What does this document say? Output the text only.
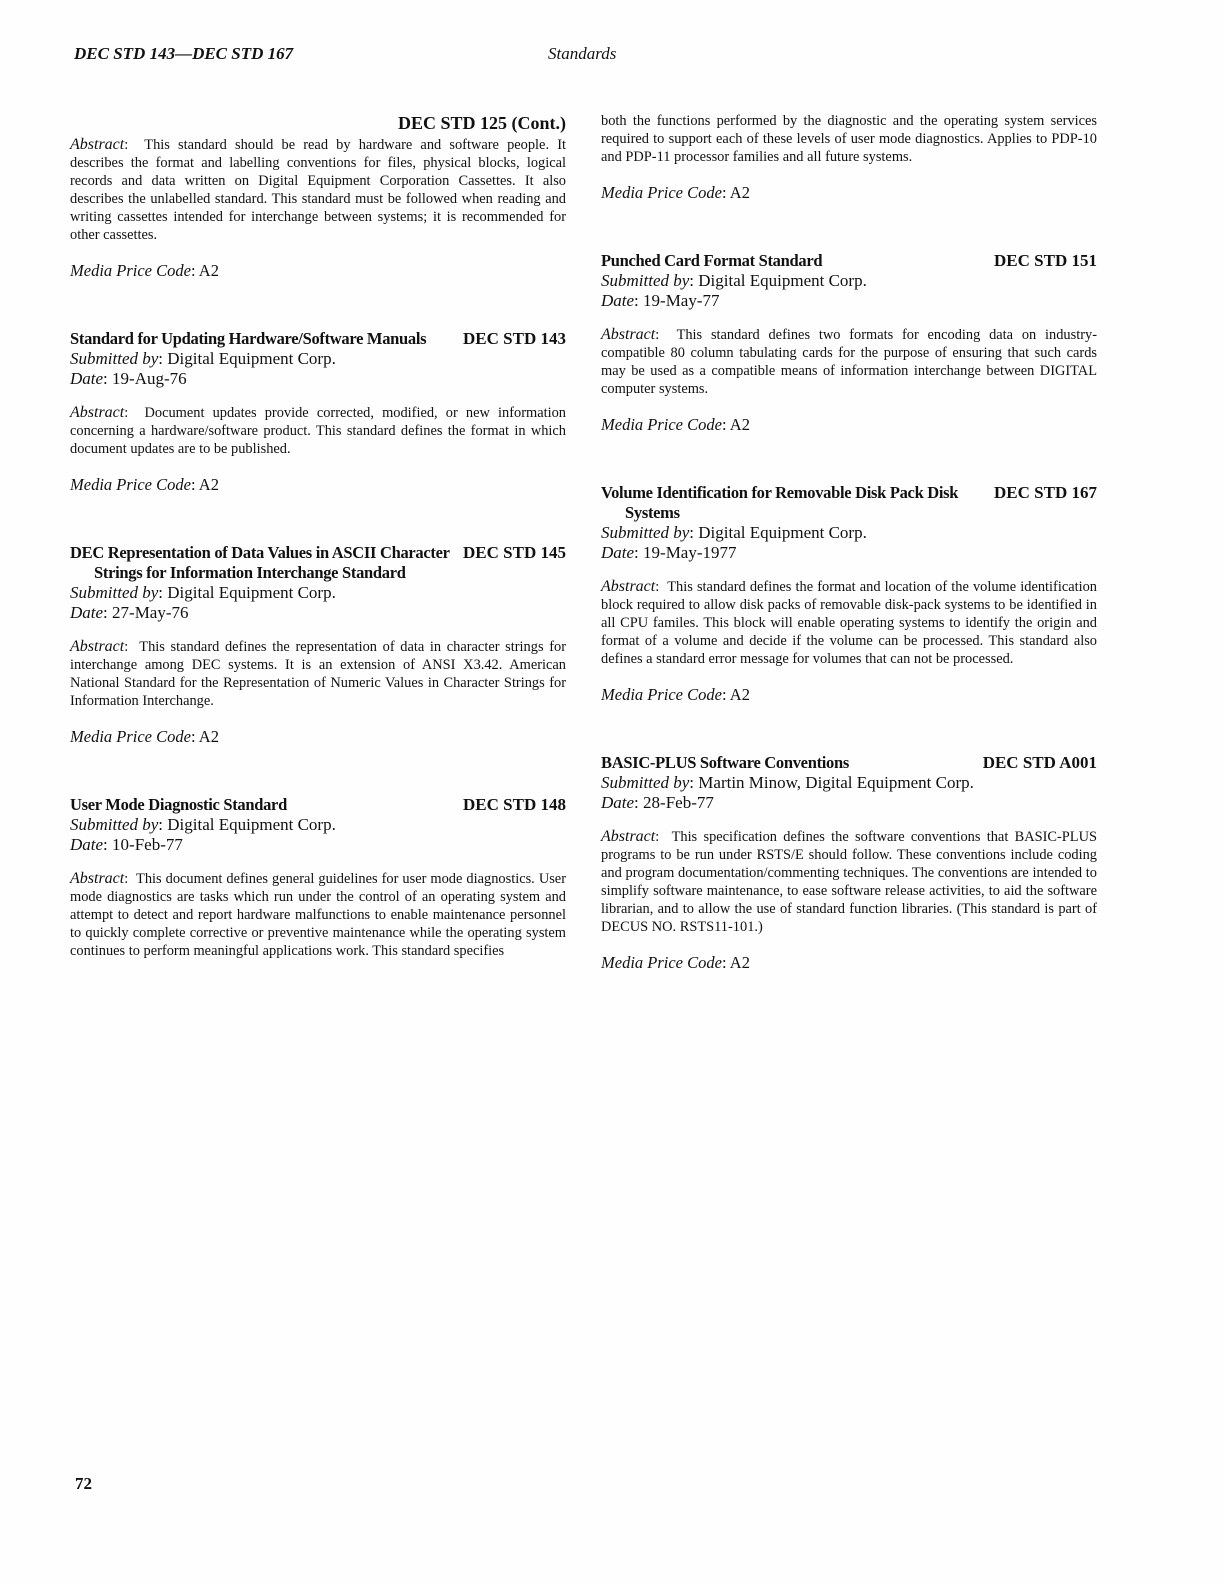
DEC STD 143—DEC STD 167	Standards
DEC STD 125 (Cont.)

Abstract:  This standard should be read by hardware and software people. It describes the format and labelling conventions for files, physical blocks, logical records and data written on Digital Equipment Corporation Cassettes. It also describes the unlabelled standard. This standard must be followed when reading and writing cassettes intended for interchange between systems; it is recommended for other cassettes.

Media Price Code: A2

Standard for Updating Hardware/Software Manuals	DEC STD 143

Submitted by: Digital Equipment Corp.

Date: 19-Aug-76

Abstract:  Document updates provide corrected, modified, or new information concerning a hardware/software product. This standard defines the format in which document updates are to be published.

Media Price Code: A2

DEC Representation of Data Values in ASCII Character Strings for Information Interchange Standard
DEC STD 145

Submitted by: Digital Equipment Corp.

Date: 27-May-76

Abstract:  This standard defines the representation of data in character strings for interchange among DEC systems. It is an extension of ANSI X3.42. American National Standard for the Representation of Numeric Values in Character Strings for Information Interchange.

Media Price Code: A2

User Mode Diagnostic Standard	DEC STD 148

Submitted by: Digital Equipment Corp.

Date: 10-Feb-77

Abstract:  This document defines general guidelines for user mode diagnostics. User mode diagnostics are tasks which run under the control of an operating system and attempt to detect and report hardware malfunctions to enable maintenance personnel to quickly complete corrective or preventive maintenance while the operating system continues to perform meaningful applications work. This standard specifies

both the functions performed by the diagnostic and the operating system services required to support each of these levels of user mode diagnostics. Applies to PDP-10 and PDP-11 processor families and all future systems.

Media Price Code: A2

Punched Card Format Standard	DEC STD 151

Submitted by: Digital Equipment Corp.

Date: 19-May-77

Abstract:  This standard defines two formats for encoding data on industry-compatible 80 column tabulating cards for the purpose of ensuring that such cards may be used as a compatible means of information interchange between DIGITAL computer systems.

Media Price Code: A2

Volume Identification for Removable Disk Pack Disk Systems
DEC STD 167

Submitted by: Digital Equipment Corp.

Date: 19-May-1977

Abstract:  This standard defines the format and location of the volume identification block required to allow disk packs of removable disk-pack systems to be identified in all CPU familes. This block will enable operating systems to identify the origin and format of a volume and decide if the volume can be processed. This standard also defines a standard error message for volumes that can not be processed.

Media Price Code: A2

BASIC-PLUS Software Conventions	DEC STD A001

Submitted by: Martin Minow, Digital Equipment Corp.

Date: 28-Feb-77

Abstract:  This specification defines the software conventions that BASIC-PLUS programs to be run under RSTS/E should follow. These conventions include coding and program documentation/commenting techniques. The conventions are intended to simplify software maintenance, to ease software release activities, to aid the software librarian, and to allow the use of standard function libraries. (This standard is part of DECUS NO. RSTS11-101.)

Media Price Code: A2

72
